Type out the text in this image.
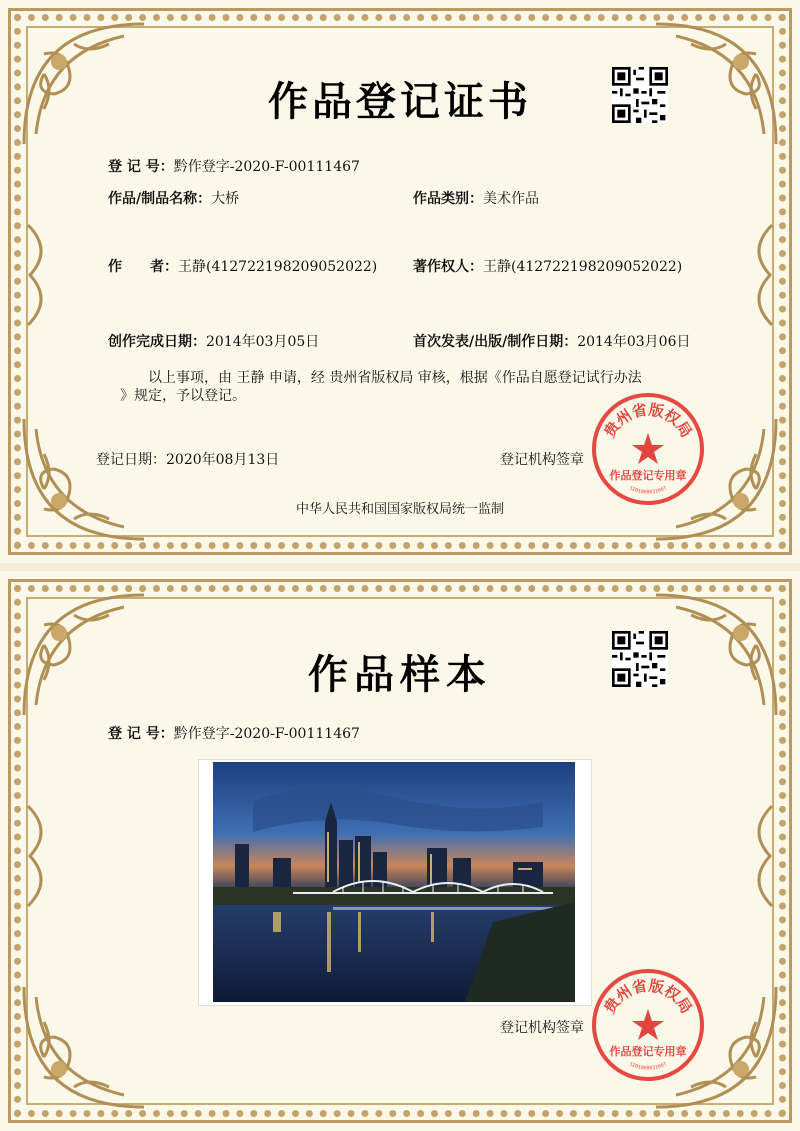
作品登记证书
登 记 号：黔作登字-2020-F-00111467
作品/制品名称：大桥	作品类别：美术作品
作　　者：王静(412722198209052022)	著作权人：王静(412722198209052022)
创作完成日期：2014年03月05日	首次发表/出版/制作日期：2014年03月06日
以上事项，由 王静 申请，经 贵州省版权局 审核，根据《作品自愿登记试行办法
》规定，予以登记。
登记日期：2020年08月13日	登记机构签章
贵州省版权局
作品登记专用章
5201000031667
中华人民共和国国家版权局统一监制
作品样本
登 记 号：黔作登字-2020-F-00111467
登记机构签章
贵州省版权局
作品登记专用章
5201000031667
